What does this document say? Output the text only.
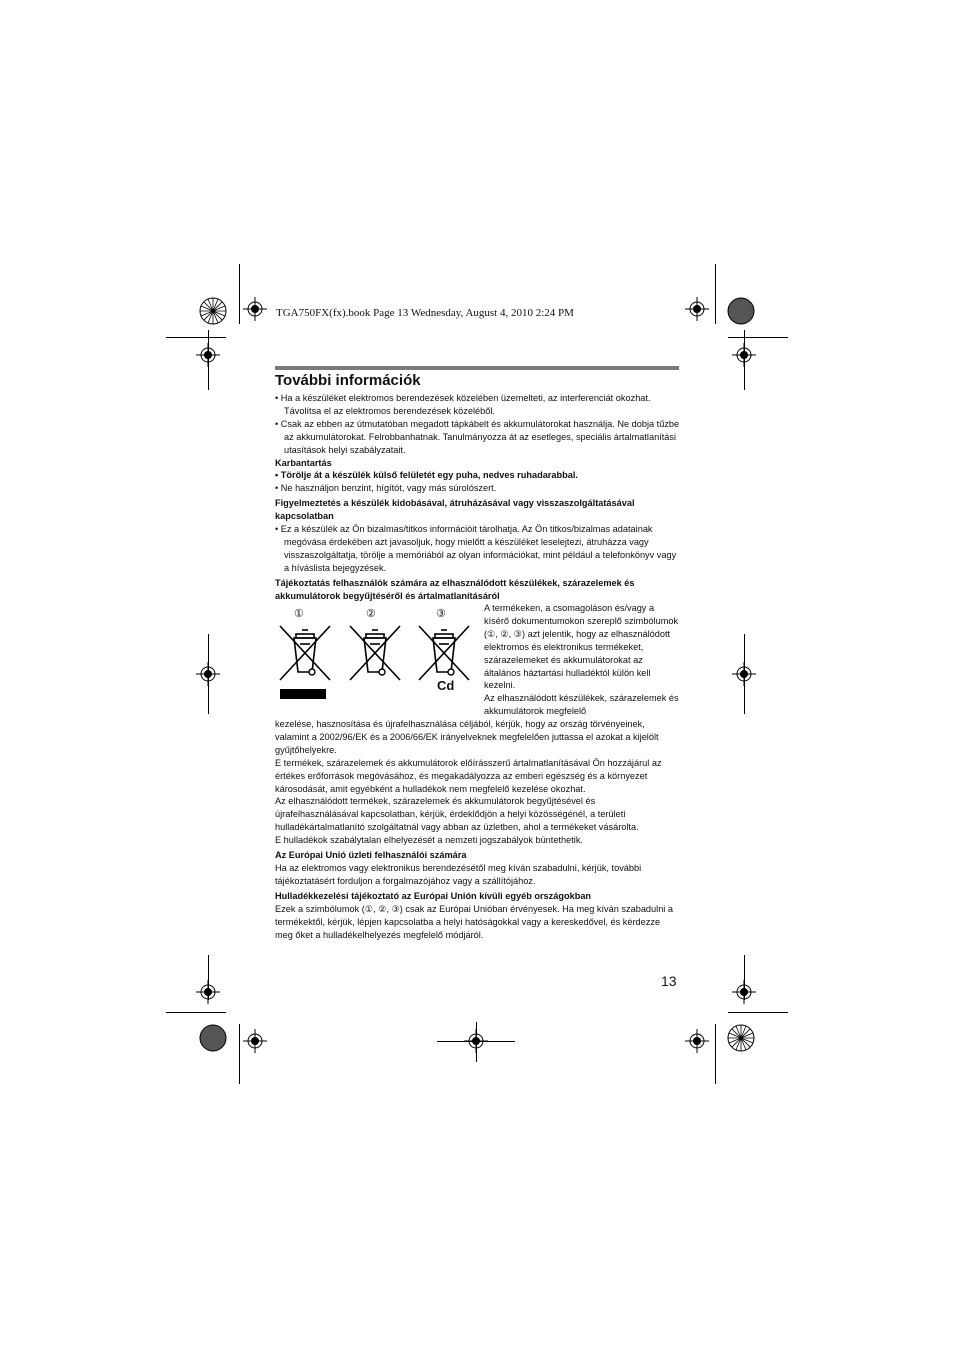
TGA750FX(fx).book Page 13 Wednesday, August 4, 2010 2:24 PM
További információk

• Ha a készüléket elektromos berendezések közelében üzemelteti, az interferenciát okozhat. Távolítsa el az elektromos berendezések közeléből.

• Csak az ebben az útmutatóban megadott tápkábelt és akkumulátorokat használja. Ne dobja tűzbe az akkumulátorokat. Felrobbanhatnak. Tanulmányozza át az esetleges, speciális ártalmatlanítási utasítások helyi szabályzatait.

Karbantartás

• Törölje át a készülék külső felületét egy puha, nedves ruhadarabbal.

• Ne használjon benzint, hígítót, vagy más súrolószert.

Figyelmeztetés a készülék kidobásával, átruházásával vagy visszaszolgáltatásával kapcsolatban

• Ez a készülék az Ön bizalmas/titkos információit tárolhatja. Az Ön titkos/bizalmas adatainak megóvása érdekében azt javasoljuk, hogy mielőtt a készüléket leselejtezi, átruházza vagy visszaszolgáltatja, törölje a memóriából az olyan információkat, mint például a telefonkönyv vagy a híváslista bejegyzések.

Tájékoztatás felhasználók számára az elhasználódott készülékek, szárazelemek és akkumulátorok begyűjtéséről és ártalmatlanításáról

①	②	③
Cd

A termékeken, a csomagoláson és/vagy a kísérő dokumentumokon szereplő szimbólumok (①, ②, ③) azt jelentik, hogy az elhasználódott elektromos és elektronikus termékeket, szárazelemeket és akkumulátorokat az általános háztartási hulladéktól külön kell kezelni.

Az elhasználódott készülékek, szárazelemek és akkumulátorok megfelelő

kezelése, hasznosítása és újrafelhasználása céljából, kérjük, hogy az ország törvényeinek, valamint a 2002/96/EK és a 2006/66/EK irányelveknek megfelelően juttassa el azokat a kijelölt gyűjtőhelyekre.

E termékek, szárazelemek és akkumulátorok előírásszerű ártalmatlanításával Ön hozzájárul az értékes erőforrások megóvásához, és megakadályozza az emberi egészség és a környezet károsodását, amit egyébként a hulladékok nem megfelelő kezelése okozhat.

Az elhasználódott termékek, szárazelemek és akkumulátorok begyűjtésével és újrafelhasználásával kapcsolatban, kérjük, érdeklődjön a helyi közösségénél, a területi hulladékártalmatlanító szolgáltatnál vagy abban az üzletben, ahol a termékeket vásárolta.

E hulladékok szabálytalan elhelyezését a nemzeti jogszabályok büntethetik.

Az Európai Unió üzleti felhasználói számára

Ha az elektromos vagy elektronikus berendezésétől meg kíván szabadulni, kérjük, további tájékoztatásért forduljon a forgalmazójához vagy a szállítójához.

Hulladékkezelési tájékoztató az Európai Unión kívüli egyéb országokban

Ezek a szimbólumok (①, ②, ③) csak az Európai Unióban érvényesek. Ha meg kíván szabadulni a termékektől, kérjük, lépjen kapcsolatba a helyi hatóságokkal vagy a kereskedővel, és kérdezze meg őket a hulladékelhelyezés megfelelő módjáról.

13
